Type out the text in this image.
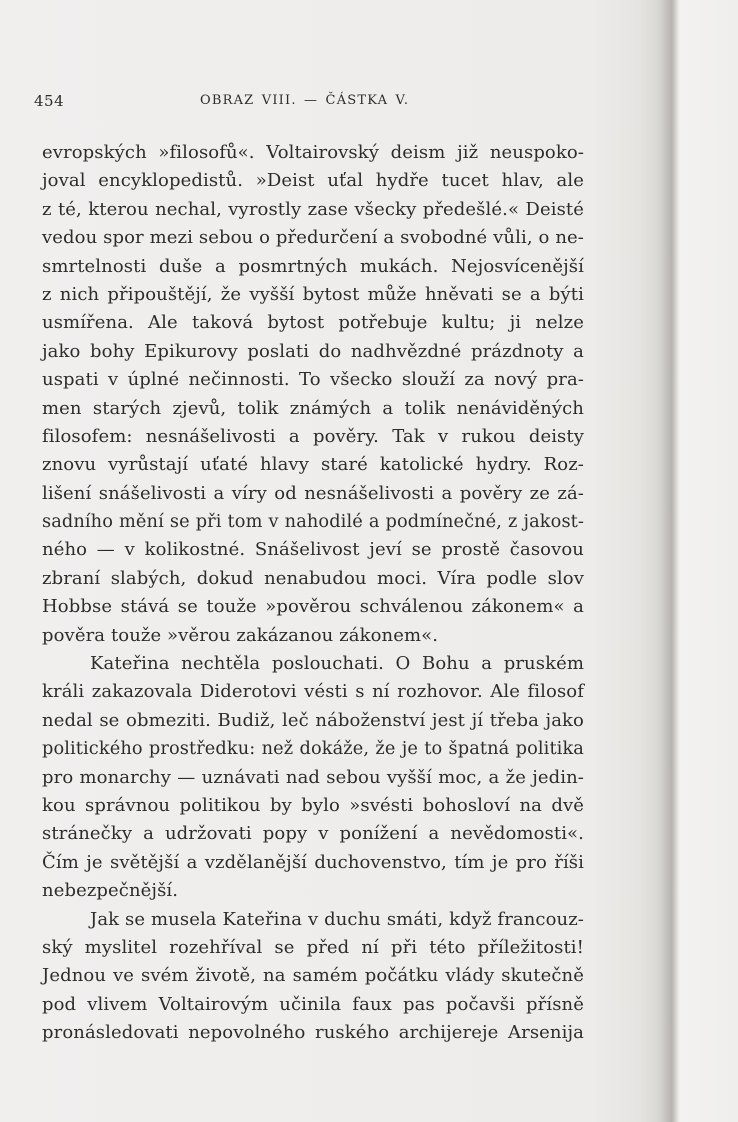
454	OBRAZ VIII. — ČÁSTKA V.
evropských »filosofů«. Voltairovský deism již neuspoko-
joval encyklopedistů. »Deist uťal hydře tucet hlav, ale
z té, kterou nechal, vyrostly zase všecky předešlé.« Deisté
vedou spor mezi sebou o předurčení a svobodné vůli, o ne-
smrtelnosti duše a posmrtných mukách. Nejosvícenější
z nich připouštějí, že vyšší bytost může hněvati se a býti
usmířena. Ale taková bytost potřebuje kultu; ji nelze
jako bohy Epikurovy poslati do nadhvězdné prázdnoty a
uspati v úplné nečinnosti. To všecko slouží za nový pra-
men starých zjevů, tolik známých a tolik nenáviděných
filosofem: nesnášelivosti a pověry. Tak v rukou deisty
znovu vyrůstají uťaté hlavy staré katolické hydry. Roz-
lišení snášelivosti a víry od nesnášelivosti a pověry ze zá-
sadního mění se při tom v nahodilé a podmínečné, z jakost-
ného — v kolikostné. Snášelivost jeví se prostě časovou
zbraní slabých, dokud nenabudou moci. Víra podle slov
Hobbse stává se touže »pověrou schválenou zákonem« a
pověra touže »věrou zakázanou zákonem«.
Kateřina nechtěla poslouchati. O Bohu a pruském
králi zakazovala Diderotovi vésti s ní rozhovor. Ale filosof
nedal se obmeziti. Budiž, leč náboženství jest jí třeba jako
politického prostředku: než dokáže, že je to špatná politika
pro monarchy — uznávati nad sebou vyšší moc, a že jedin-
kou správnou politikou by bylo »svésti bohosloví na dvě
stránečky a udržovati popy v ponížení a nevědomosti«.
Čím je světější a vzdělanější duchovenstvo, tím je pro říši
nebezpečnější.
Jak se musela Kateřina v duchu smáti, když francouz-
ský myslitel rozehříval se před ní při této příležitosti!
Jednou ve svém životě, na samém počátku vlády skutečně
pod vlivem Voltairovým učinila faux pas počavši přísně
pronásledovati nepovolného ruského archijereje Arsenija
